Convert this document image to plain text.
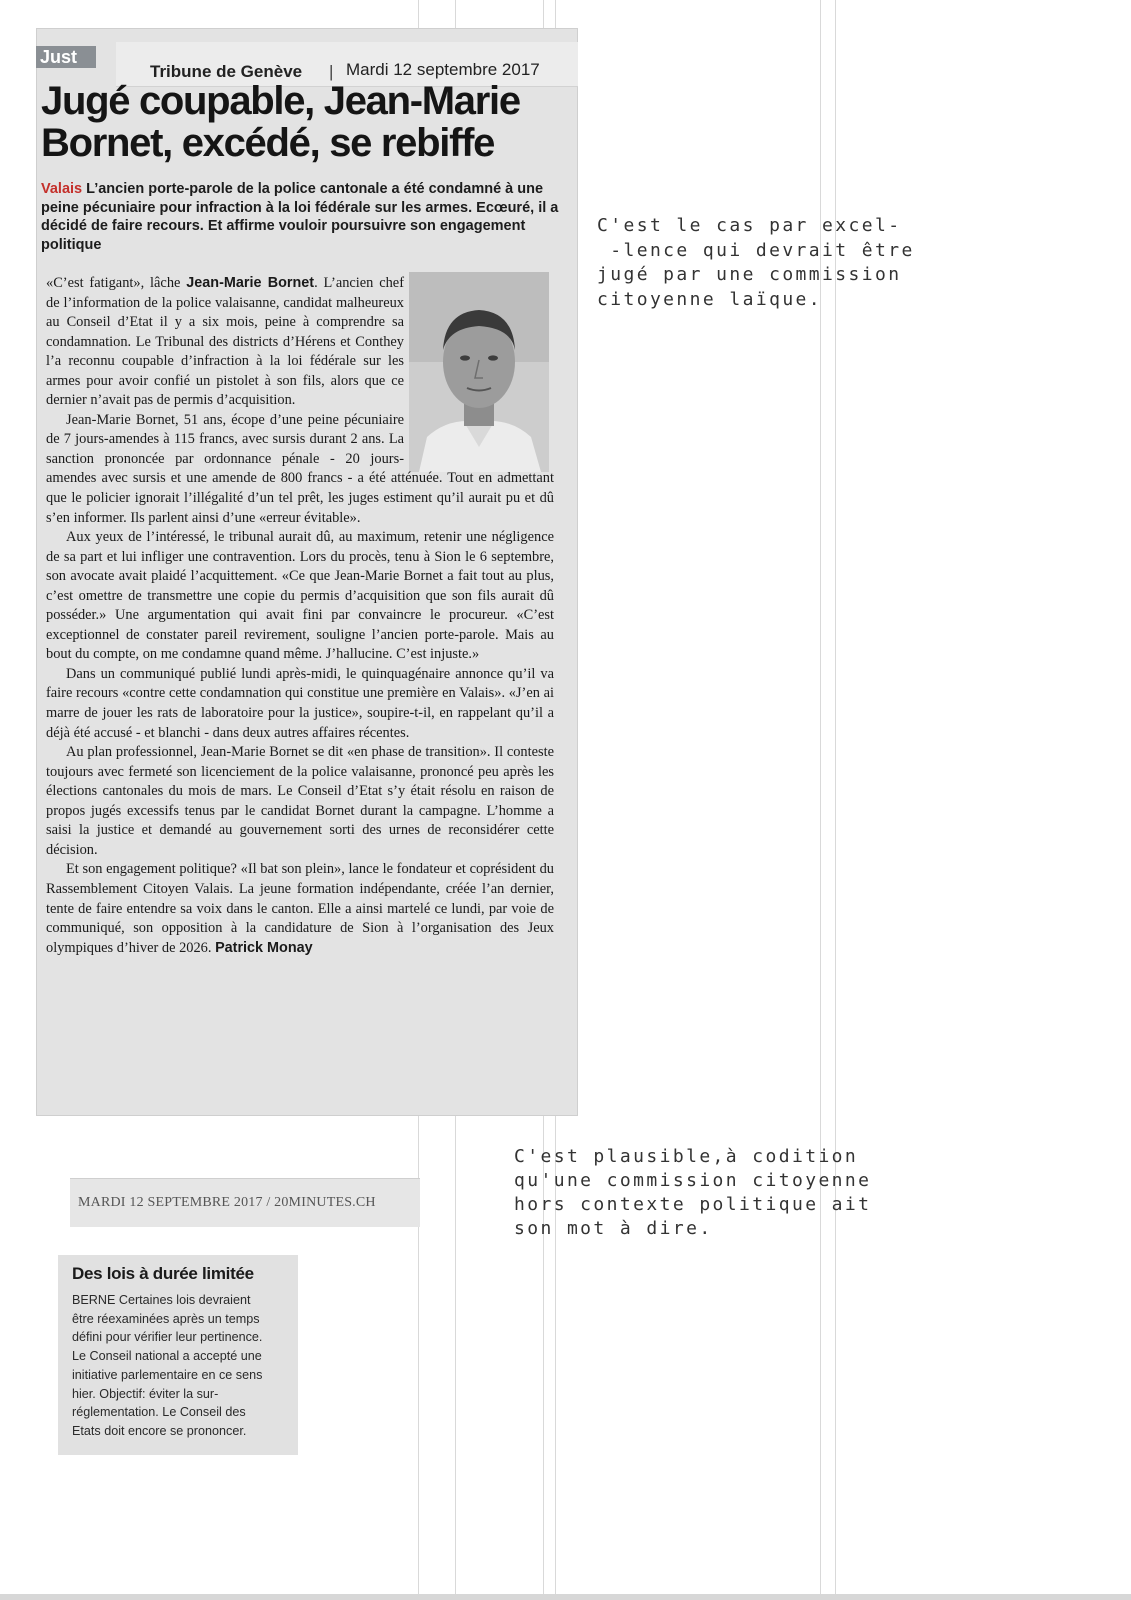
Just
Tribune de Genève | Mardi 12 septembre 2017
Jugé coupable, Jean-Marie Bornet, excédé, se rebiffe
Valais L’ancien porte-parole de la police cantonale a été condamné à une peine pécuniaire pour infraction à la loi fédérale sur les armes. Ecœuré, il a décidé de faire recours. Et affirme vouloir poursuivre son engagement politique

«C’est fatigant», lâche Jean-Marie Bornet. L’ancien chef de l’information de la police valaisanne, candidat malheureux au Conseil d’Etat il y a six mois, peine à comprendre sa condamnation. Le Tribunal des districts d’Hérens et Conthey l’a reconnu coupable d’infraction à la loi fédérale sur les armes pour avoir confié un pistolet à son fils, alors que ce dernier n’avait pas de permis d’acquisition.

Jean-Marie Bornet, 51 ans, écope d’une peine pécuniaire de 7 jours-amendes à 115 francs, avec sursis durant 2 ans. La sanction prononcée par ordonnance pénale - 20 jours-amendes avec sursis et une amende de 800 francs - a été atténuée. Tout en admettant que le policier ignorait l’illégalité d’un tel prêt, les juges estiment qu’il aurait pu et dû s’en informer. Ils parlent ainsi d’une «erreur évitable».

Aux yeux de l’intéressé, le tribunal aurait dû, au maximum, retenir une négligence de sa part et lui infliger une contravention. Lors du procès, tenu à Sion le 6 septembre, son avocate avait plaidé l’acquittement. «Ce que Jean-Marie Bornet a fait tout au plus, c’est omettre de transmettre une copie du permis d’acquisition que son fils aurait dû posséder.» Une argumentation qui avait fini par convaincre le procureur. «C’est exceptionnel de constater pareil revirement, souligne l’ancien porte-parole. Mais au bout du compte, on me condamne quand même. J’hallucine. C’est injuste.»

Dans un communiqué publié lundi après-midi, le quinquagénaire annonce qu’il va faire recours «contre cette condamnation qui constitue une première en Valais». «J’en ai marre de jouer les rats de laboratoire pour la justice», soupire-t-il, en rappelant qu’il a déjà été accusé - et blanchi - dans deux autres affaires récentes.

Au plan professionnel, Jean-Marie Bornet se dit «en phase de transition». Il conteste toujours avec fermeté son licenciement de la police valaisanne, prononcé peu après les élections cantonales du mois de mars. Le Conseil d’Etat s’y était résolu en raison de propos jugés excessifs tenus par le candidat Bornet durant la campagne. L’homme a saisi la justice et demandé au gouvernement sorti des urnes de reconsidérer cette décision.

Et son engagement politique? «Il bat son plein», lance le fondateur et coprésident du Rassemblement Citoyen Valais. La jeune formation indépendante, créée l’an dernier, tente de faire entendre sa voix dans le canton. Elle a ainsi martelé ce lundi, par voie de communiqué, son opposition à la candidature de Sion à l’organisation des Jeux olympiques d’hiver de 2026. Patrick Monay

C'est le cas par excel-
-lence qui devrait être
jugé par une commission
citoyenne laïque.
C'est plausible,à codition
qu'une commission citoyenne
hors contexte politique ait
son mot à dire.
MARDI 12 SEPTEMBRE 2017 / 20MINUTES.CH
Des lois à durée limitée
BERNE Certaines lois devraient
être réexaminées après un temps
défini pour vérifier leur pertinence.
Le Conseil national a accepté une
initiative parlementaire en ce sens
hier. Objectif: éviter la sur-
réglementation. Le Conseil des
Etats doit encore se prononcer.
